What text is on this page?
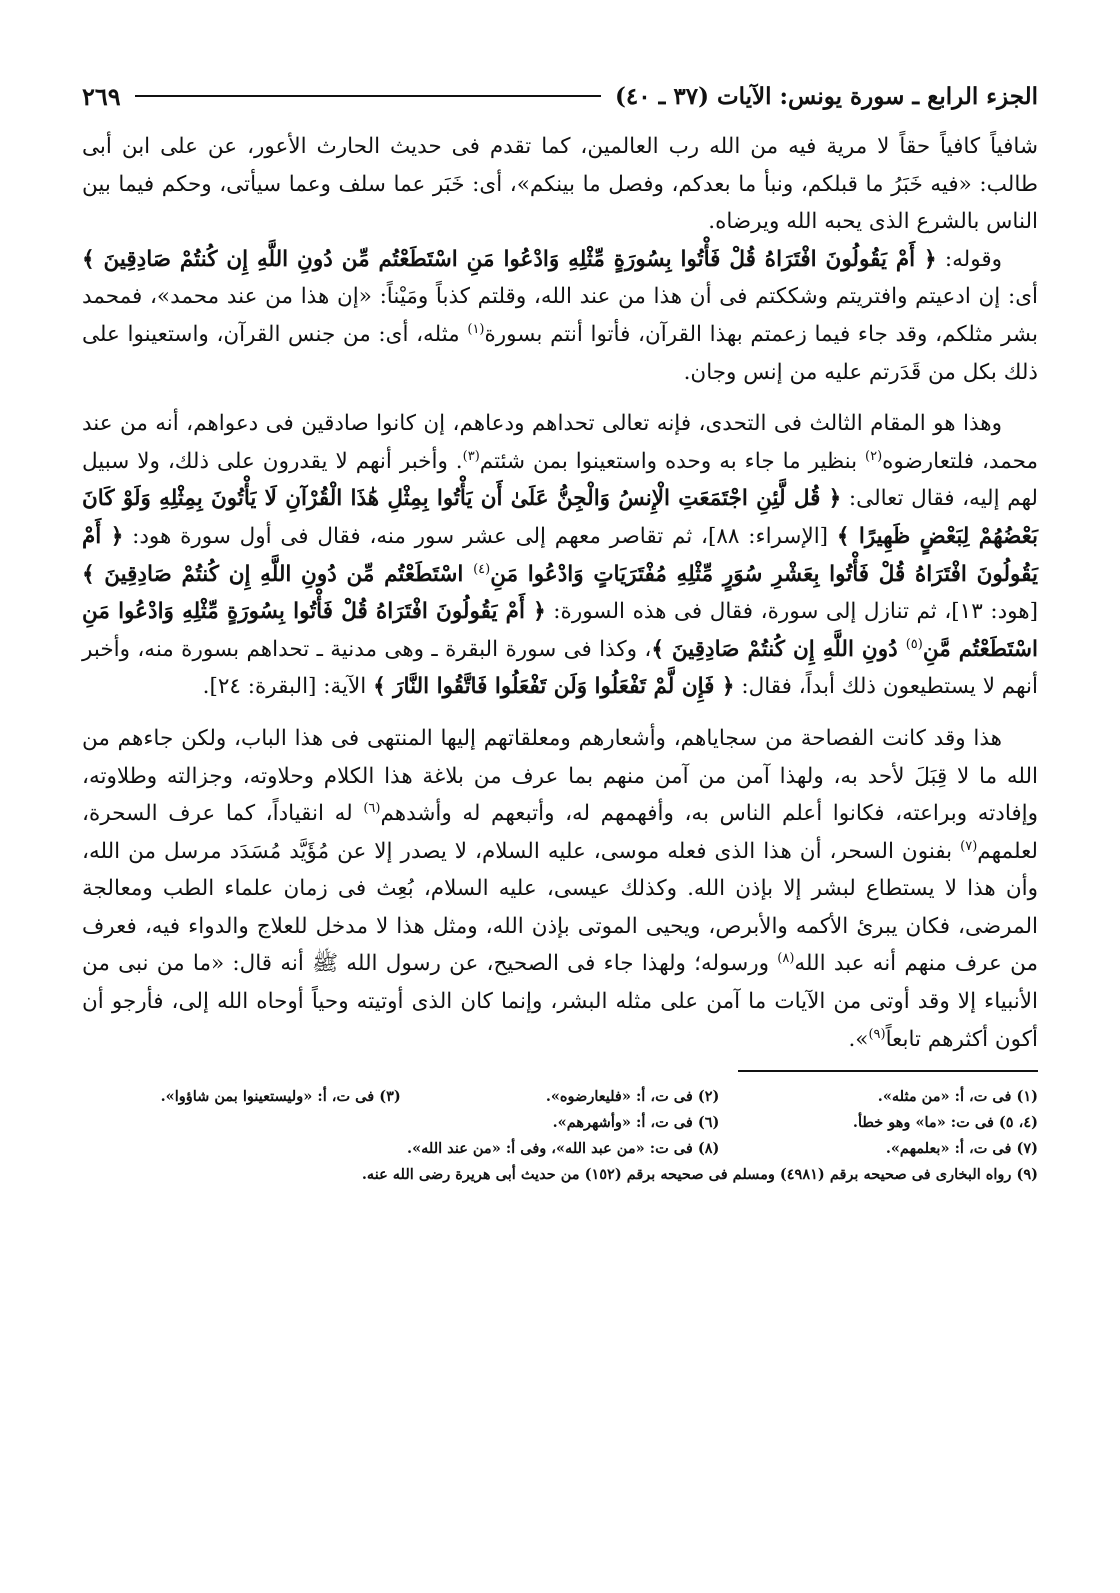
الجزء الرابع ـ سورة يونس: الآيات (٣٧ ـ ٤٠)
٢٦٩

شافياً كافياً حقاً لا مرية فيه من الله رب العالمين، كما تقدم فى حديث الحارث الأعور، عن على ابن أبى طالب: «فيه خَبَرُ ما قبلكم، ونبأ ما بعدكم، وفصل ما بينكم»، أى: خَبَر عما سلف وعما سيأتى، وحكم فيما بين الناس بالشرع الذى يحبه الله ويرضاه.

وقوله: ﴿ أَمْ يَقُولُونَ افْتَرَاهُ قُلْ فَأْتُوا بِسُورَةٍ مِّثْلِهِ وَادْعُوا مَنِ اسْتَطَعْتُم مِّن دُونِ اللَّهِ إِن كُنتُمْ صَادِقِينَ ﴾ أى: إن ادعيتم وافتريتم وشككتم فى أن هذا من عند الله، وقلتم كذباً ومَيْناً: «إن هذا من عند محمد»، فمحمد بشر مثلكم، وقد جاء فيما زعمتم بهذا القرآن، فأتوا أنتم بسورة$^{(١)}$ مثله، أى: من جنس القرآن، واستعينوا على ذلك بكل من قَدَرتم عليه من إنس وجان.

وهذا هو المقام الثالث فى التحدى، فإنه تعالى تحداهم ودعاهم، إن كانوا صادقين فى دعواهم، أنه من عند محمد، فلتعارضوه$^{(٢)}$ بنظير ما جاء به وحده واستعينوا بمن شئتم$^{(٣)}$. وأخبر أنهم لا يقدرون على ذلك، ولا سبيل لهم إليه، فقال تعالى: ﴿ قُل لَّئِنِ اجْتَمَعَتِ الْإِنسُ وَالْجِنُّ عَلَىٰ أَن يَأْتُوا بِمِثْلِ هَٰذَا الْقُرْآنِ لَا يَأْتُونَ بِمِثْلِهِ وَلَوْ كَانَ بَعْضُهُمْ لِبَعْضٍ ظَهِيرًا ﴾ [الإسراء: ٨٨]، ثم تقاصر معهم إلى عشر سور منه، فقال فى أول سورة هود: ﴿ أَمْ يَقُولُونَ افْتَرَاهُ قُلْ فَأْتُوا بِعَشْرِ سُوَرٍ مِّثْلِهِ مُفْتَرَيَاتٍ وَادْعُوا مَنِ$^{(٤)}$ اسْتَطَعْتُم مِّن دُونِ اللَّهِ إِن كُنتُمْ صَادِقِينَ ﴾ [هود: ١٣]، ثم تنازل إلى سورة، فقال فى هذه السورة: ﴿ أَمْ يَقُولُونَ افْتَرَاهُ قُلْ فَأْتُوا بِسُورَةٍ مِّثْلِهِ وَادْعُوا مَنِ اسْتَطَعْتُم مَّنِ$^{(٥)}$ دُونِ اللَّهِ إِن كُنتُمْ صَادِقِينَ ﴾، وكذا فى سورة البقرة ـ وهى مدنية ـ تحداهم بسورة منه، وأخبر أنهم لا يستطيعون ذلك أبداً، فقال: ﴿ فَإِن لَّمْ تَفْعَلُوا وَلَن تَفْعَلُوا فَاتَّقُوا النَّارَ ﴾ الآية: [البقرة: ٢٤].

هذا وقد كانت الفصاحة من سجاياهم، وأشعارهم ومعلقاتهم إليها المنتهى فى هذا الباب، ولكن جاءهم من الله ما لا قِبَلَ لأحد به، ولهذا آمن من آمن منهم بما عرف من بلاغة هذا الكلام وحلاوته، وجزالته وطلاوته، وإفادته وبراعته، فكانوا أعلم الناس به، وأفهمهم له، وأتبعهم له وأشدهم$^{(٦)}$ له انقياداً، كما عرف السحرة، لعلمهم$^{(٧)}$ بفنون السحر، أن هذا الذى فعله موسى، عليه السلام، لا يصدر إلا عن مُؤَيَّد مُسَدَد مرسل من الله، وأن هذا لا يستطاع لبشر إلا بإذن الله. وكذلك عيسى، عليه السلام، بُعِث فى زمان علماء الطب ومعالجة المرضى، فكان يبرئ الأكمه والأبرص، ويحيى الموتى بإذن الله، ومثل هذا لا مدخل للعلاج والدواء فيه، فعرف من عرف منهم أنه عبد الله$^{(٨)}$ ورسوله؛ ولهذا جاء فى الصحيح، عن رسول الله ﷺ أنه قال: «ما من نبى من الأنبياء إلا وقد أوتى من الآيات ما آمن على مثله البشر، وإنما كان الذى أوتيته وحياً أوحاه الله إلى، فأرجو أن أكون أكثرهم تابعاً$^{(٩)}$».

(١) فى ت، أ: «من مثله».
(٢) فى ت، أ: «فليعارضوه».
(٣) فى ت، أ: «وليستعينوا بمن شاؤوا».
(٤، ٥) فى ت: «ما» وهو خطأ.
(٦) فى ت، أ: «وأشهرهم».
(٧) فى ت، أ: «بعلمهم».
(٨) فى ت: «من عبد الله»، وفى أ: «من عند الله».
(٩) رواه البخارى فى صحيحه برقم (٤٩٨١) ومسلم فى صحيحه برقم (١٥٢) من حديث أبى هريرة رضى الله عنه.
